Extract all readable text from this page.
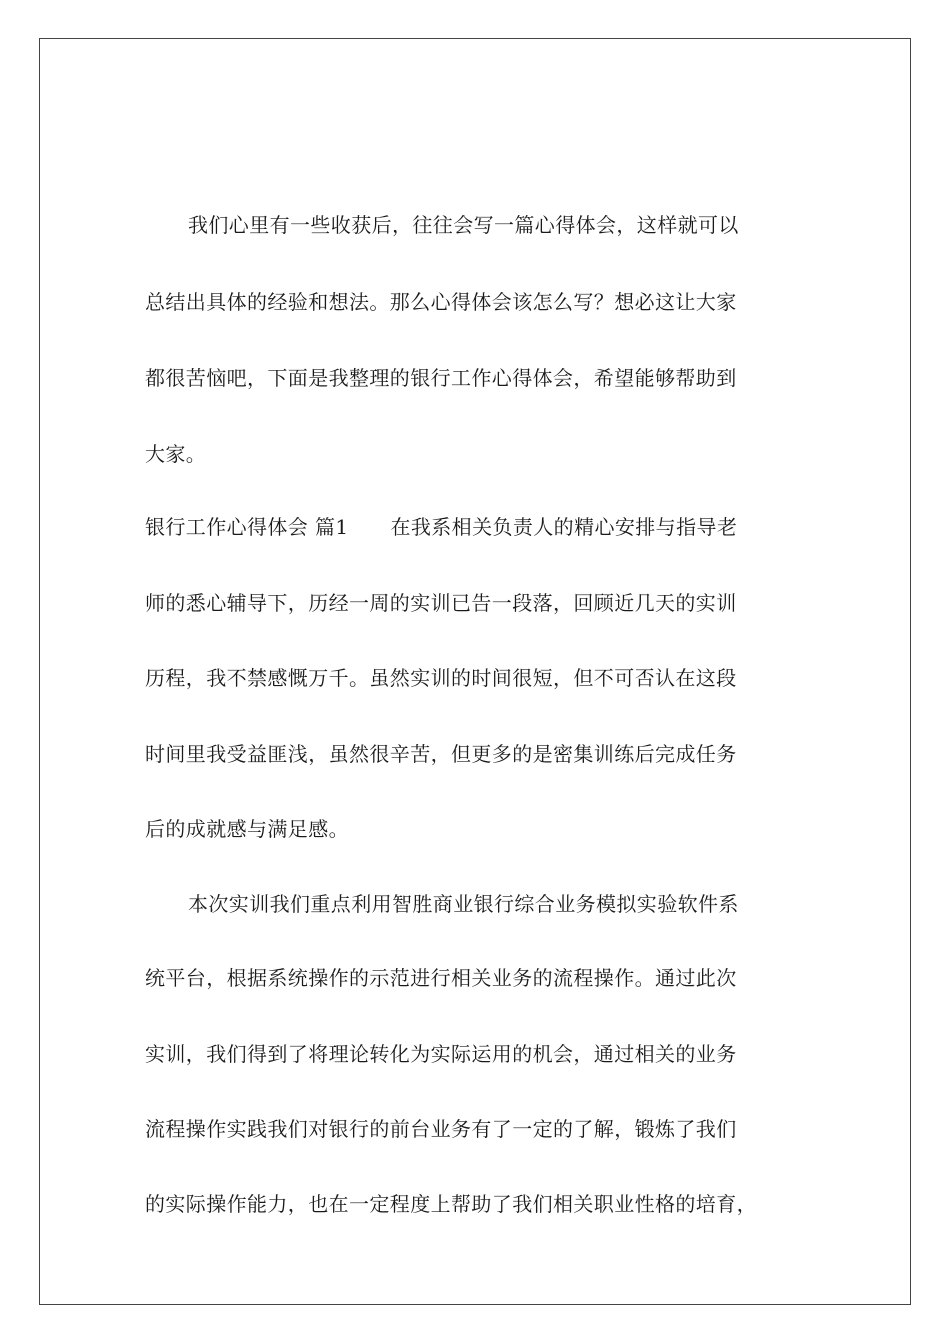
我们心里有一些收获后，往往会写一篇心得体会，这样就可以
总结出具体的经验和想法。那么心得体会该怎么写？想必这让大家
都很苦恼吧，下面是我整理的银行工作心得体会，希望能够帮助到
大家。
银行工作心得体会 篇1 在我系相关负责人的精心安排与指导老
师的悉心辅导下，历经一周的实训已告一段落，回顾近几天的实训
历程，我不禁感慨万千。虽然实训的时间很短，但不可否认在这段
时间里我受益匪浅，虽然很辛苦，但更多的是密集训练后完成任务
后的成就感与满足感。
本次实训我们重点利用智胜商业银行综合业务模拟实验软件系
统平台，根据系统操作的示范进行相关业务的流程操作。通过此次
实训，我们得到了将理论转化为实际运用的机会，通过相关的业务
流程操作实践我们对银行的前台业务有了一定的了解，锻炼了我们
的实际操作能力，也在一定程度上帮助了我们相关职业性格的培育，
